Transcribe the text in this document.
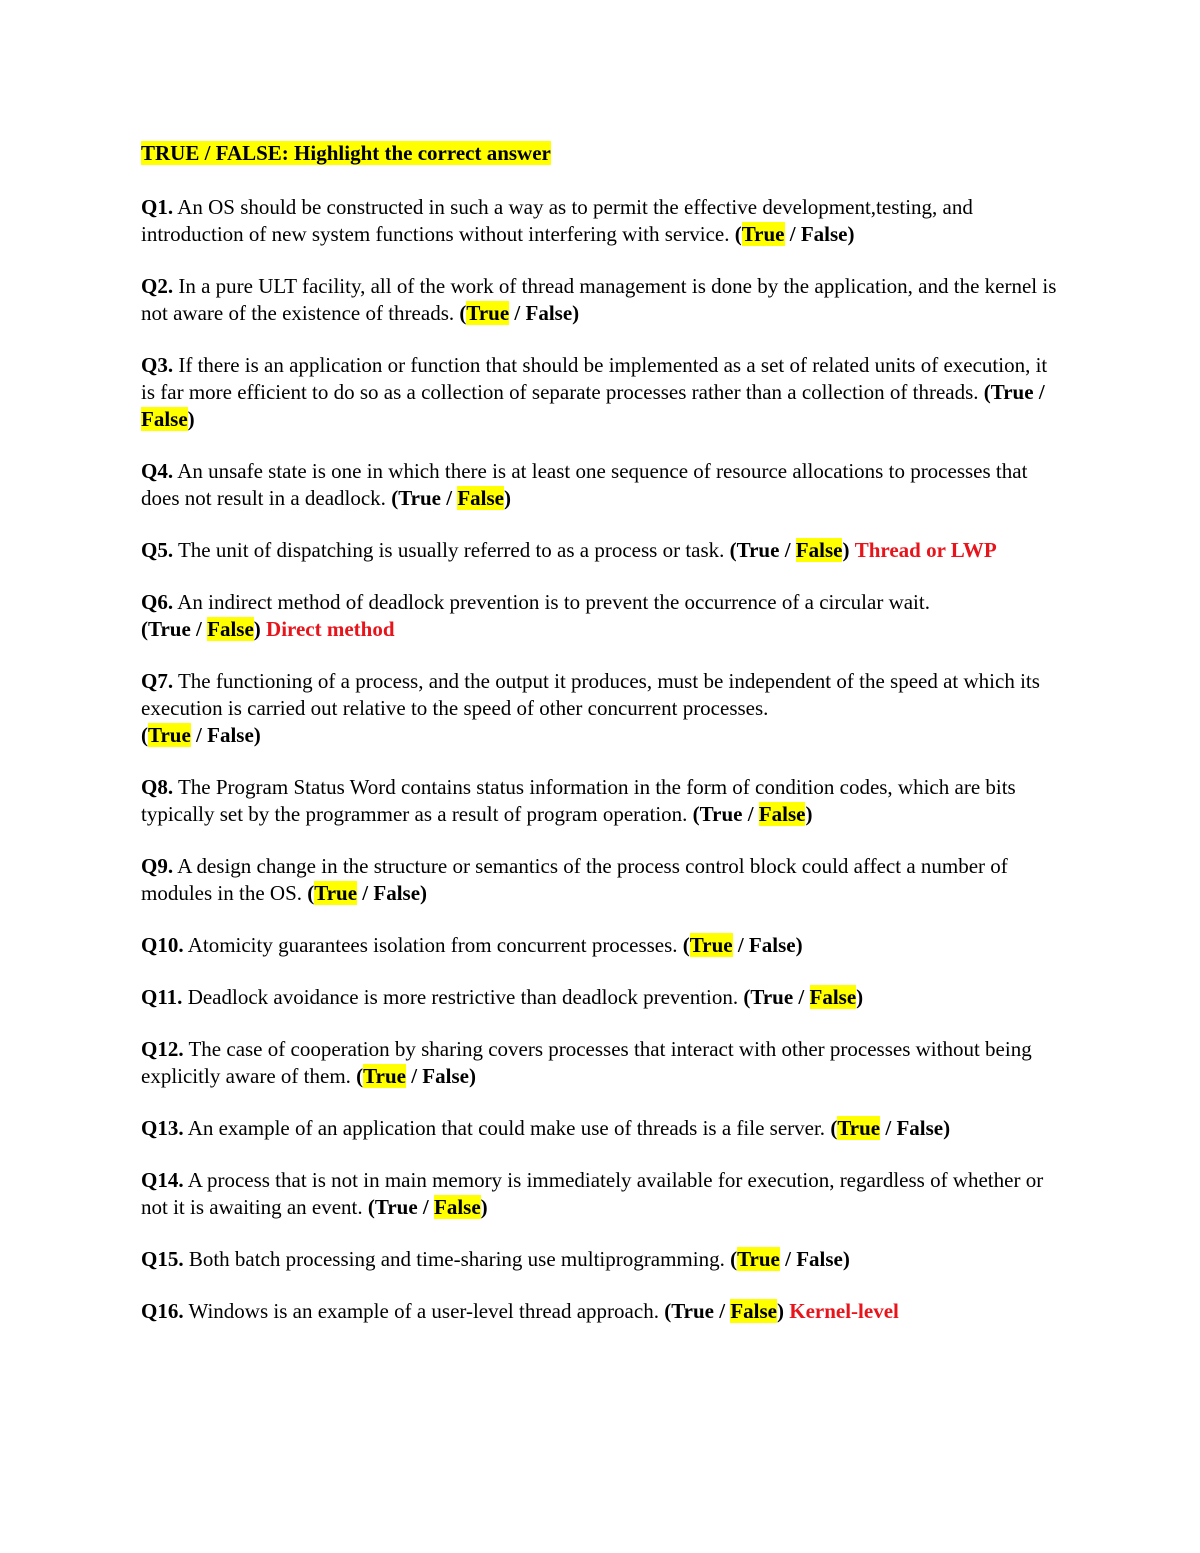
TRUE / FALSE: Highlight the correct answer
Q1. An OS should be constructed in such a way as to permit the effective development,testing, and introduction of new system functions without interfering with service. (True / False)
Q2. In a pure ULT facility, all of the work of thread management is done by the application, and the kernel is not aware of the existence of threads. (True / False)
Q3. If there is an application or function that should be implemented as a set of related units of execution, it is far more efficient to do so as a collection of separate processes rather than a collection of threads. (True / False)
Q4. An unsafe state is one in which there is at least one sequence of resource allocations to processes that does not result in a deadlock. (True / False)
Q5. The unit of dispatching is usually referred to as a process or task. (True / False) Thread or LWP
Q6. An indirect method of deadlock prevention is to prevent the occurrence of a circular wait.
(True / False) Direct method
Q7. The functioning of a process, and the output it produces, must be independent of the speed at which its execution is carried out relative to the speed of other concurrent processes.
(True / False)
Q8. The Program Status Word contains status information in the form of condition codes, which are bits typically set by the programmer as a result of program operation. (True / False)
Q9. A design change in the structure or semantics of the process control block could affect a number of modules in the OS. (True / False)
Q10. Atomicity guarantees isolation from concurrent processes. (True / False)
Q11. Deadlock avoidance is more restrictive than deadlock prevention. (True / False)
Q12. The case of cooperation by sharing covers processes that interact with other processes without being explicitly aware of them. (True / False)
Q13. An example of an application that could make use of threads is a file server. (True / False)
Q14. A process that is not in main memory is immediately available for execution, regardless of whether or not it is awaiting an event. (True / False)
Q15. Both batch processing and time-sharing use multiprogramming. (True / False)
Q16. Windows is an example of a user-level thread approach. (True / False) Kernel-level
